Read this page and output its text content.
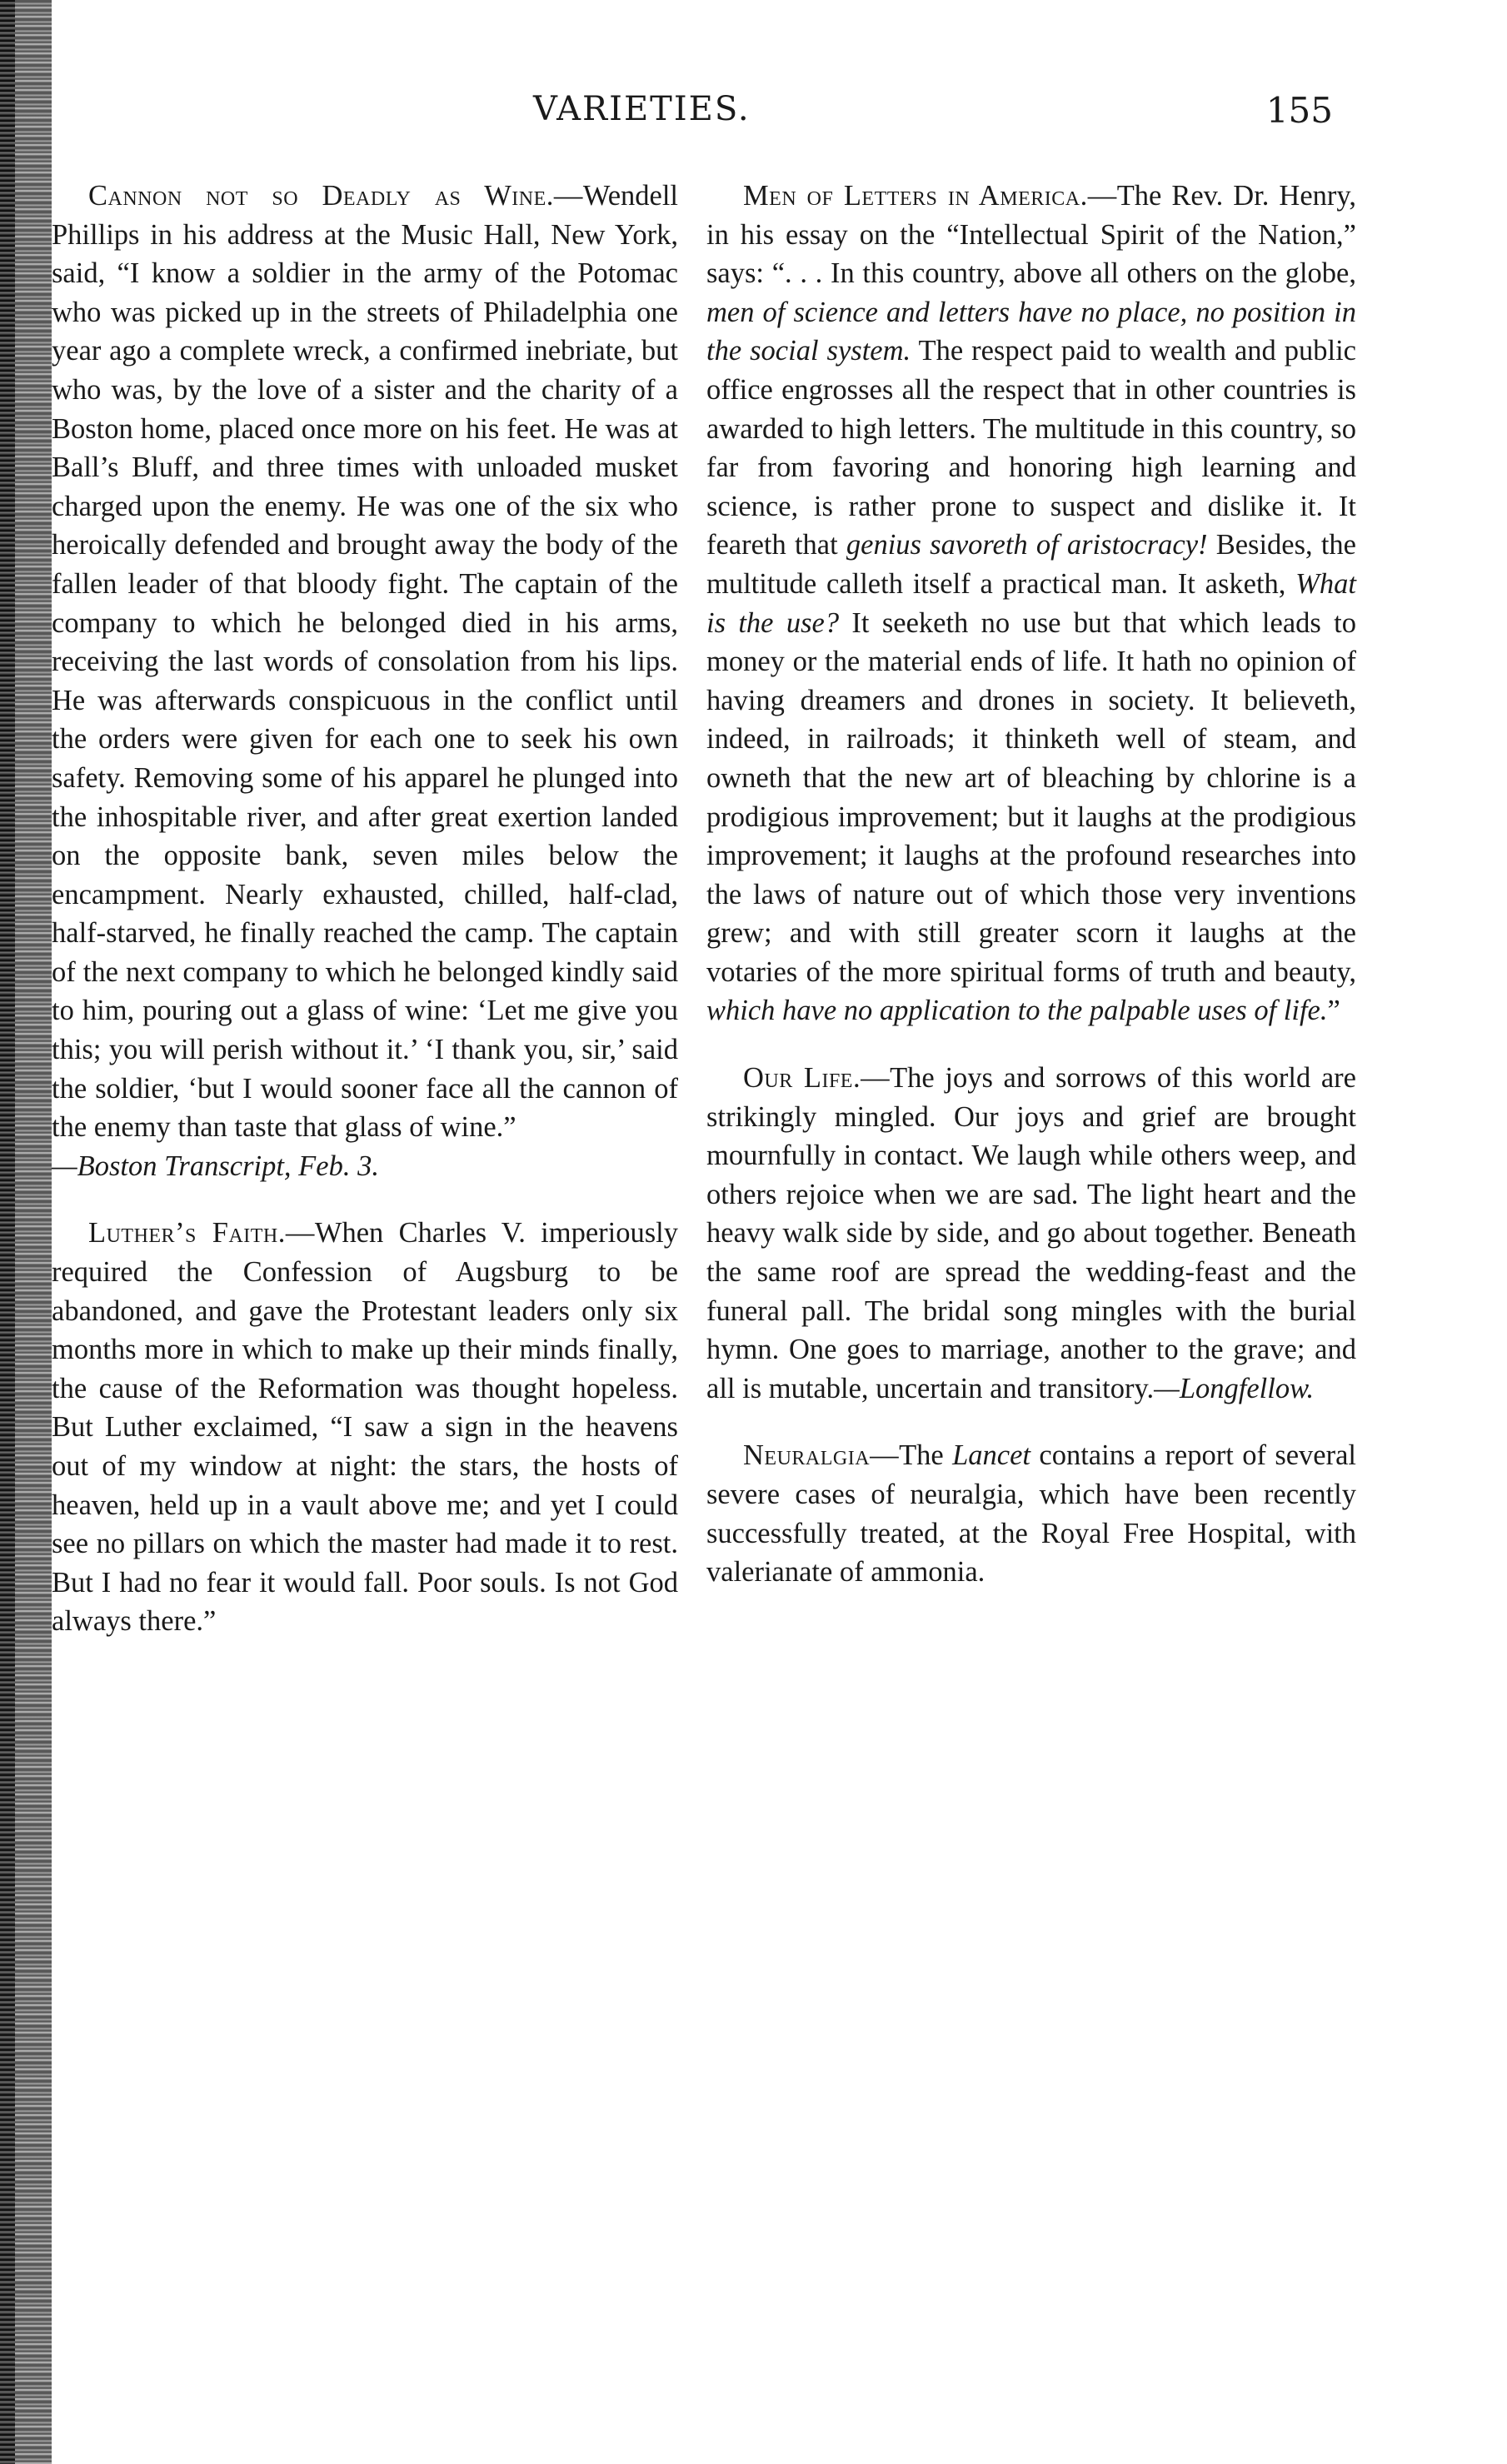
VARIETIES.	155

Cannon not so Deadly as Wine.—Wendell Phillips in his address at the Music Hall, New York, said, “I know a soldier in the army of the Potomac who was picked up in the streets of Philadelphia one year ago a complete wreck, a confirmed inebriate, but who was, by the love of a sister and the charity of a Boston home, placed once more on his feet. He was at Ball’s Bluff, and three times with unloaded musket charged upon the enemy. He was one of the six who heroically defended and brought away the body of the fallen leader of that bloody fight. The captain of the company to which he belonged died in his arms, receiving the last words of consolation from his lips. He was afterwards conspicuous in the conflict until the orders were given for each one to seek his own safety. Removing some of his apparel he plunged into the inhospitable river, and after great exertion landed on the opposite bank, seven miles below the encampment. Nearly exhausted, chilled, half-clad, half-starved, he finally reached the camp. The captain of the next company to which he belonged kindly said to him, pouring out a glass of wine: ‘Let me give you this; you will perish without it.’ ‘I thank you, sir,’ said the soldier, ‘but I would sooner face all the cannon of the enemy than taste that glass of wine.”

—Boston Transcript, Feb. 3.

Luther’s Faith.—When Charles V. imperiously required the Confession of Augsburg to be abandoned, and gave the Protestant leaders only six months more in which to make up their minds finally, the cause of the Reformation was thought hopeless. But Luther exclaimed, “I saw a sign in the heavens out of my window at night: the stars, the hosts of heaven, held up in a vault above me; and yet I could see no pillars on which the master had made it to rest. But I had no fear it would fall. Poor souls. Is not God always there.”

Men of Letters in America.—The Rev. Dr. Henry, in his essay on the “Intellectual Spirit of the Nation,” says: “. . . In this country, above all others on the globe, men of science and letters have no place, no position in the social system. The respect paid to wealth and public office engrosses all the respect that in other countries is awarded to high letters. The multitude in this country, so far from favoring and honoring high learning and science, is rather prone to suspect and dislike it. It feareth that genius savoreth of aristocracy! Besides, the multitude calleth itself a practical man. It asketh, What is the use? It seeketh no use but that which leads to money or the material ends of life. It hath no opinion of having dreamers and drones in society. It believeth, indeed, in railroads; it thinketh well of steam, and owneth that the new art of bleaching by chlorine is a prodigious improvement; but it laughs at the prodigious improvement; it laughs at the profound researches into the laws of nature out of which those very inventions grew; and with still greater scorn it laughs at the votaries of the more spiritual forms of truth and beauty, which have no application to the palpable uses of life.”

Our Life.—The joys and sorrows of this world are strikingly mingled. Our joys and grief are brought mournfully in contact. We laugh while others weep, and others rejoice when we are sad. The light heart and the heavy walk side by side, and go about together. Beneath the same roof are spread the wedding-feast and the funeral pall. The bridal song mingles with the burial hymn. One goes to marriage, another to the grave; and all is mutable, uncertain and transitory.—Longfellow.

Neuralgia—The Lancet contains a report of several severe cases of neuralgia, which have been recently successfully treated, at the Royal Free Hospital, with valerianate of ammonia.
